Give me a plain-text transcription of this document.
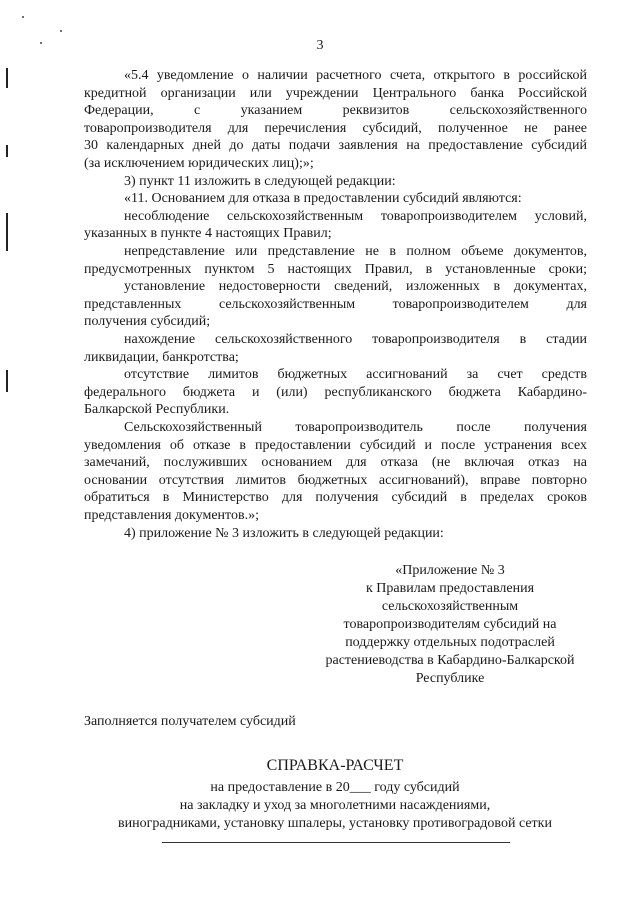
3

«5.4 уведомление о наличии расчетного счета, открытого в российской

кредитной организации или учреждении Центрального банка Российской

Федерации, с указанием реквизитов сельскохозяйственного

товаропроизводителя для перечисления субсидий, полученное не ранее

30 календарных дней до даты подачи заявления на предоставление субсидий

(за исключением юридических лиц);»;

3) пункт 11 изложить в следующей редакции:

«11. Основанием для отказа в предоставлении субсидий являются:

несоблюдение сельскохозяйственным товаропроизводителем условий,

указанных в пункте 4 настоящих Правил;

непредставление или представление не в полном объеме документов,

предусмотренных пунктом 5 настоящих Правил, в установленные сроки;

установление недостоверности сведений, изложенных в документах,

представленных сельскохозяйственным товаропроизводителем для

получения субсидий;

нахождение сельскохозяйственного товаропроизводителя в стадии

ликвидации, банкротства;

отсутствие лимитов бюджетных ассигнований за счет средств

федерального бюджета и (или) республиканского бюджета Кабардино-

Балкарской Республики.

Сельскохозяйственный товаропроизводитель после получения

уведомления об отказе в предоставлении субсидий и после устранения всех

замечаний, послуживших основанием для отказа (не включая отказ на

основании отсутствия лимитов бюджетных ассигнований), вправе повторно

обратиться в Министерство для получения субсидий в пределах сроков

представления документов.»;

4) приложение № 3 изложить в следующей редакции:

«Приложение № 3

к Правилам предоставления

сельскохозяйственным

товаропроизводителям субсидий на

поддержку отдельных подотраслей

растениеводства в Кабардино-Балкарской

Республике

Заполняется получателем субсидий

СПРАВКА-РАСЧЕТ

на предоставление в 20___ году субсидий

на закладку и уход за многолетними насаждениями,

виноградниками, установку шпалеры, установку противоградовой сетки
